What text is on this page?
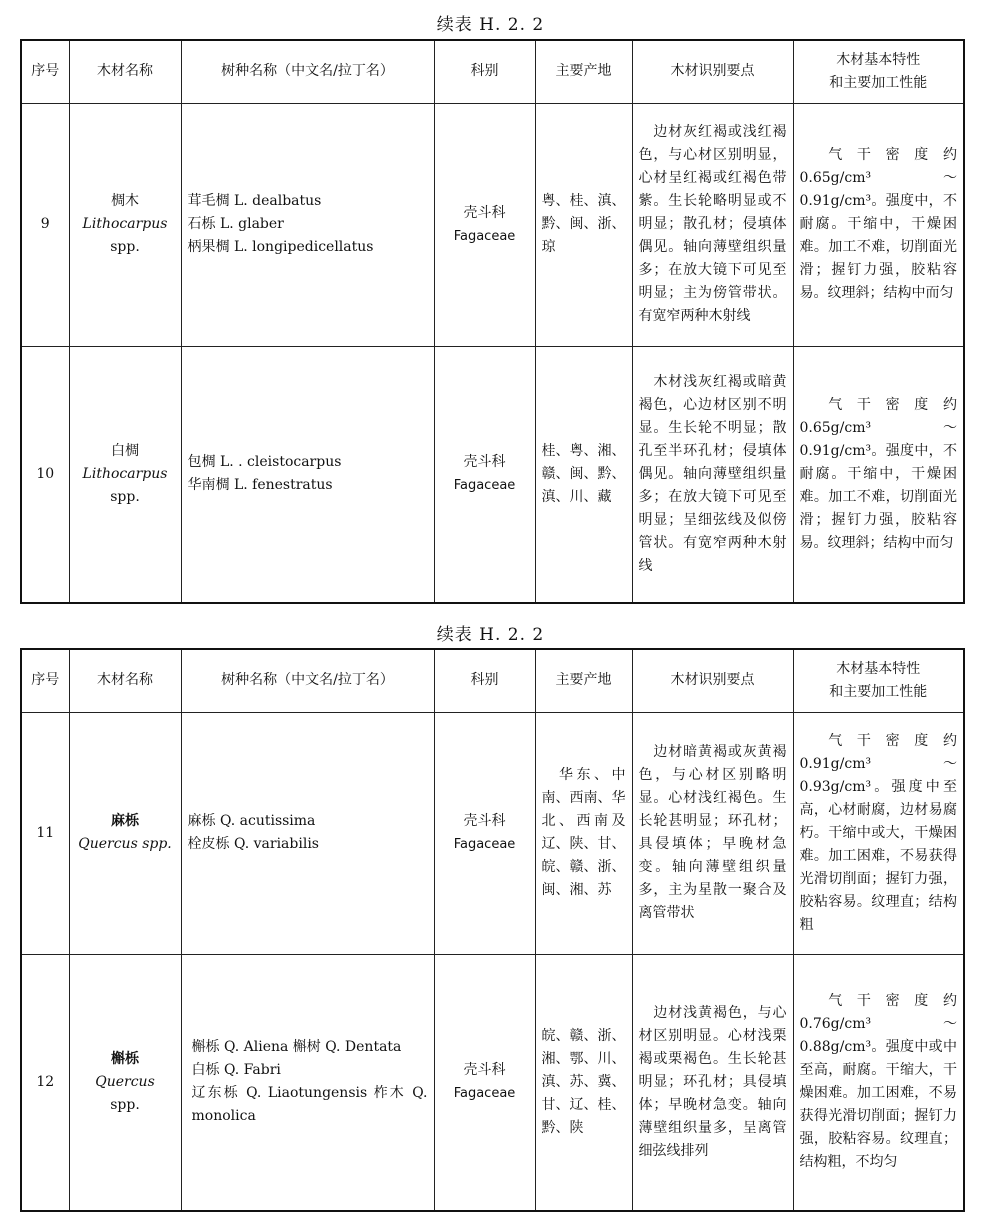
续表 H. 2. 2
序号	木材名称	树种名称（中文名/拉丁名）	科别	主要产地	木材识别要点	木材基本特性
和主要加工性能

9	椆木
Lithocarpus
spp.	茸毛椆 L. dealbatus
石栎 L. glaber
柄果椆 L. longipedicellatus	壳斗科
Fagaceae	粤、桂、滇、黔、闽、浙、琼	　边材灰红褐或浅红褐色，与心材区别明显，心材呈红褐或红褐色带紫。生长轮略明显或不明显；散孔材；侵填体偶见。轴向薄壁组织量多；在放大镜下可见至明显；主为傍管带状。有宽窄两种木射线	　气干密度约 0.65g/cm³～0.91g/cm³。强度中，不耐腐。干缩中，干燥困难。加工不难，切削面光滑；握钉力强，胶粘容易。纹理斜；结构中而匀
10	白椆
Lithocarpus
spp.	包椆 L. . cleistocarpus
华南椆 L. fenestratus	壳斗科
Fagaceae	桂、粤、湘、赣、闽、黔、滇、川、藏	　木材浅灰红褐或暗黄褐色，心边材区别不明显。生长轮不明显；散孔至半环孔材；侵填体偶见。轴向薄壁组织量多；在放大镜下可见至明显；呈细弦线及似傍管状。有宽窄两种木射线	　气干密度约 0.65g/cm³～0.91g/cm³。强度中，不耐腐。干缩中，干燥困难。加工不难，切削面光滑；握钉力强，胶粘容易。纹理斜；结构中而匀
续表 H. 2. 2
序号	木材名称	树种名称（中文名/拉丁名）	科别	主要产地	木材识别要点	木材基本特性
和主要加工性能

11	麻栎
Quercus spp.	麻栎 Q. acutissima
栓皮栎 Q. variabilis	壳斗科
Fagaceae	　华东、中南、西南、华北、西南及辽、陕、甘、皖、赣、浙、闽、湘、苏	　边材暗黄褐或灰黄褐色，与心材区别略明显。心材浅红褐色。生长轮甚明显；环孔材；具侵填体；早晚材急变。轴向薄壁组织量多，主为星散一聚合及离管带状	　气干密度约 0.91g/cm³～0.93g/cm³。强度中至高，心材耐腐，边材易腐朽。干缩中或大，干燥困难。加工困难，不易获得光滑切削面；握钉力强，胶粘容易。纹理直；结构粗
12	槲栎
Quercus
spp.	槲栎 Q. Aliena 槲树 Q. Dentata
白栎 Q. Fabri
辽东栎 Q. Liaotungensis 柞木 Q. monolica	壳斗科
Fagaceae	皖、赣、浙、湘、鄂、川、滇、苏、冀、甘、辽、桂、黔、陕	　边材浅黄褐色，与心材区别明显。心材浅栗褐或栗褐色。生长轮甚明显；环孔材；具侵填体；早晚材急变。轴向薄壁组织量多，呈离管细弦线排列	　气干密度约 0.76g/cm³～0.88g/cm³。强度中或中至高，耐腐。干缩大，干燥困难。加工困难，不易获得光滑切削面；握钉力强，胶粘容易。纹理直；结构粗，不均匀
